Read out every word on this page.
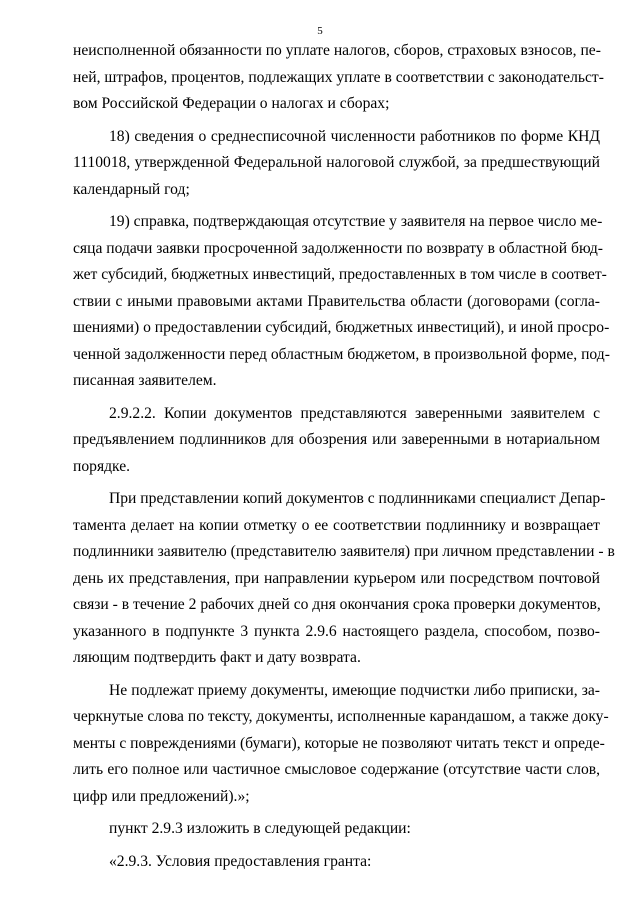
5
неисполненной обязанности по уплате налогов, сборов, страховых взносов, пе-
ней, штрафов, процентов, подлежащих уплате в соответствии с законодательст-
вом Российской Федерации о налогах и сборах;
18) сведения о среднесписочной численности работников по форме КНД
1110018, утвержденной Федеральной налоговой службой, за предшествующий
календарный год;
19) справка, подтверждающая отсутствие у заявителя на первое число ме-
сяца подачи заявки просроченной задолженности по возврату в областной бюд-
жет субсидий, бюджетных инвестиций, предоставленных в том числе в соответ-
ствии с иными правовыми актами Правительства области (договорами (согла-
шениями) о предоставлении субсидий, бюджетных инвестиций), и иной просро-
ченной задолженности перед областным бюджетом, в произвольной форме, под-
писанная заявителем.
2.9.2.2. Копии документов представляются заверенными заявителем с
предъявлением подлинников для обозрения или заверенными в нотариальном
порядке.
При представлении копий документов с подлинниками специалист Депар-
тамента делает на копии отметку о ее соответствии подлиннику и возвращает
подлинники заявителю (представителю заявителя) при личном представлении - в
день их представления, при направлении курьером или посредством почтовой
связи - в течение 2 рабочих дней со дня окончания срока проверки документов,
указанного в подпункте 3 пункта 2.9.6 настоящего раздела, способом, позво-
ляющим подтвердить факт и дату возврата.
Не подлежат приему документы, имеющие подчистки либо приписки, за-
черкнутые слова по тексту, документы, исполненные карандашом, а также доку-
менты с повреждениями (бумаги), которые не позволяют читать текст и опреде-
лить его полное или частичное смысловое содержание (отсутствие части слов,
цифр или предложений).»;
пункт 2.9.3 изложить в следующей редакции:
«2.9.3. Условия предоставления гранта:
